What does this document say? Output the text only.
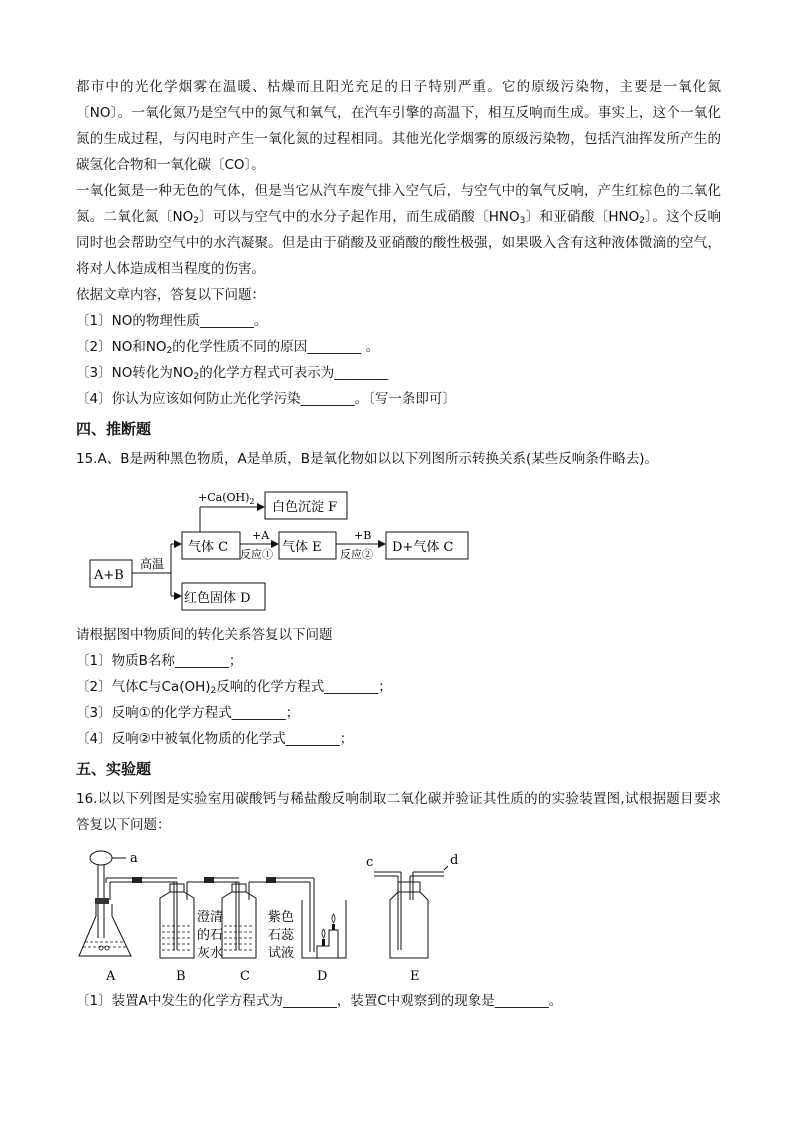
都市中的光化学烟雾在温暖、枯燥而且阳光充足的日子特别严重。它的原级污染物，主要是一氧化氮〔NO〕。一氧化氮乃是空气中的氮气和氧气，在汽车引擎的高温下，相互反响而生成。事实上，这个一氧化氮的生成过程，与闪电时产生一氧化氮的过程相同。其他光化学烟雾的原级污染物，包括汽油挥发所产生的碳氢化合物和一氧化碳〔CO〕。

一氧化氮是一种无色的气体，但是当它从汽车废气排入空气后，与空气中的氧气反响，产生红棕色的二氧化氮。二氧化氮〔$NO_2$〕可以与空气中的水分子起作用，而生成硝酸〔$HNO_3$〕和亚硝酸〔$HNO_2$〕。这个反响同时也会帮助空气中的水汽凝聚。但是由于硝酸及亚硝酸的酸性极强，如果吸入含有这种液体微滴的空气，将对人体造成相当程度的伤害。

依据文章内容，答复以下问题：

〔1〕NO的物理性质________。

〔2〕NO和$NO_2$的化学性质不同的原因________ 。

〔3〕NO转化为$NO_2$的化学方程式可表示为________

〔4〕你认为应该如何防止光化学污染________。〔写一条即可〕

四、推断题

15.A、B是两种黑色物质，A是单质，B是氧化物如以以下列图所示转换关系(某些反响条件略去)。

A+B
高温
气体 C
$+Ca(OH)_2$ 白色沉淀 F
+A
反应① 气体 E
+B
反应② D+气体 C
红色固体 D

请根据图中物质间的转化关系答复以下问题

〔1〕物质B名称________；

〔2〕气体C与$Ca(OH)_2$反响的化学方程式________；

〔3〕反响①的化学方程式________；

〔4〕反响②中被氧化物质的化学式________；

五、实验题

16.以以下列图是实验室用碳酸钙与稀盐酸反响制取二氧化碳并验证其性质的的实验装置图,试根据题目要求答复以下问题：

a
澄清
的石
灰水
紫色
石蕊
试液
c	d
A	B	C	D	E

〔1〕装置A中发生的化学方程式为________，装置C中观察到的现象是________。
